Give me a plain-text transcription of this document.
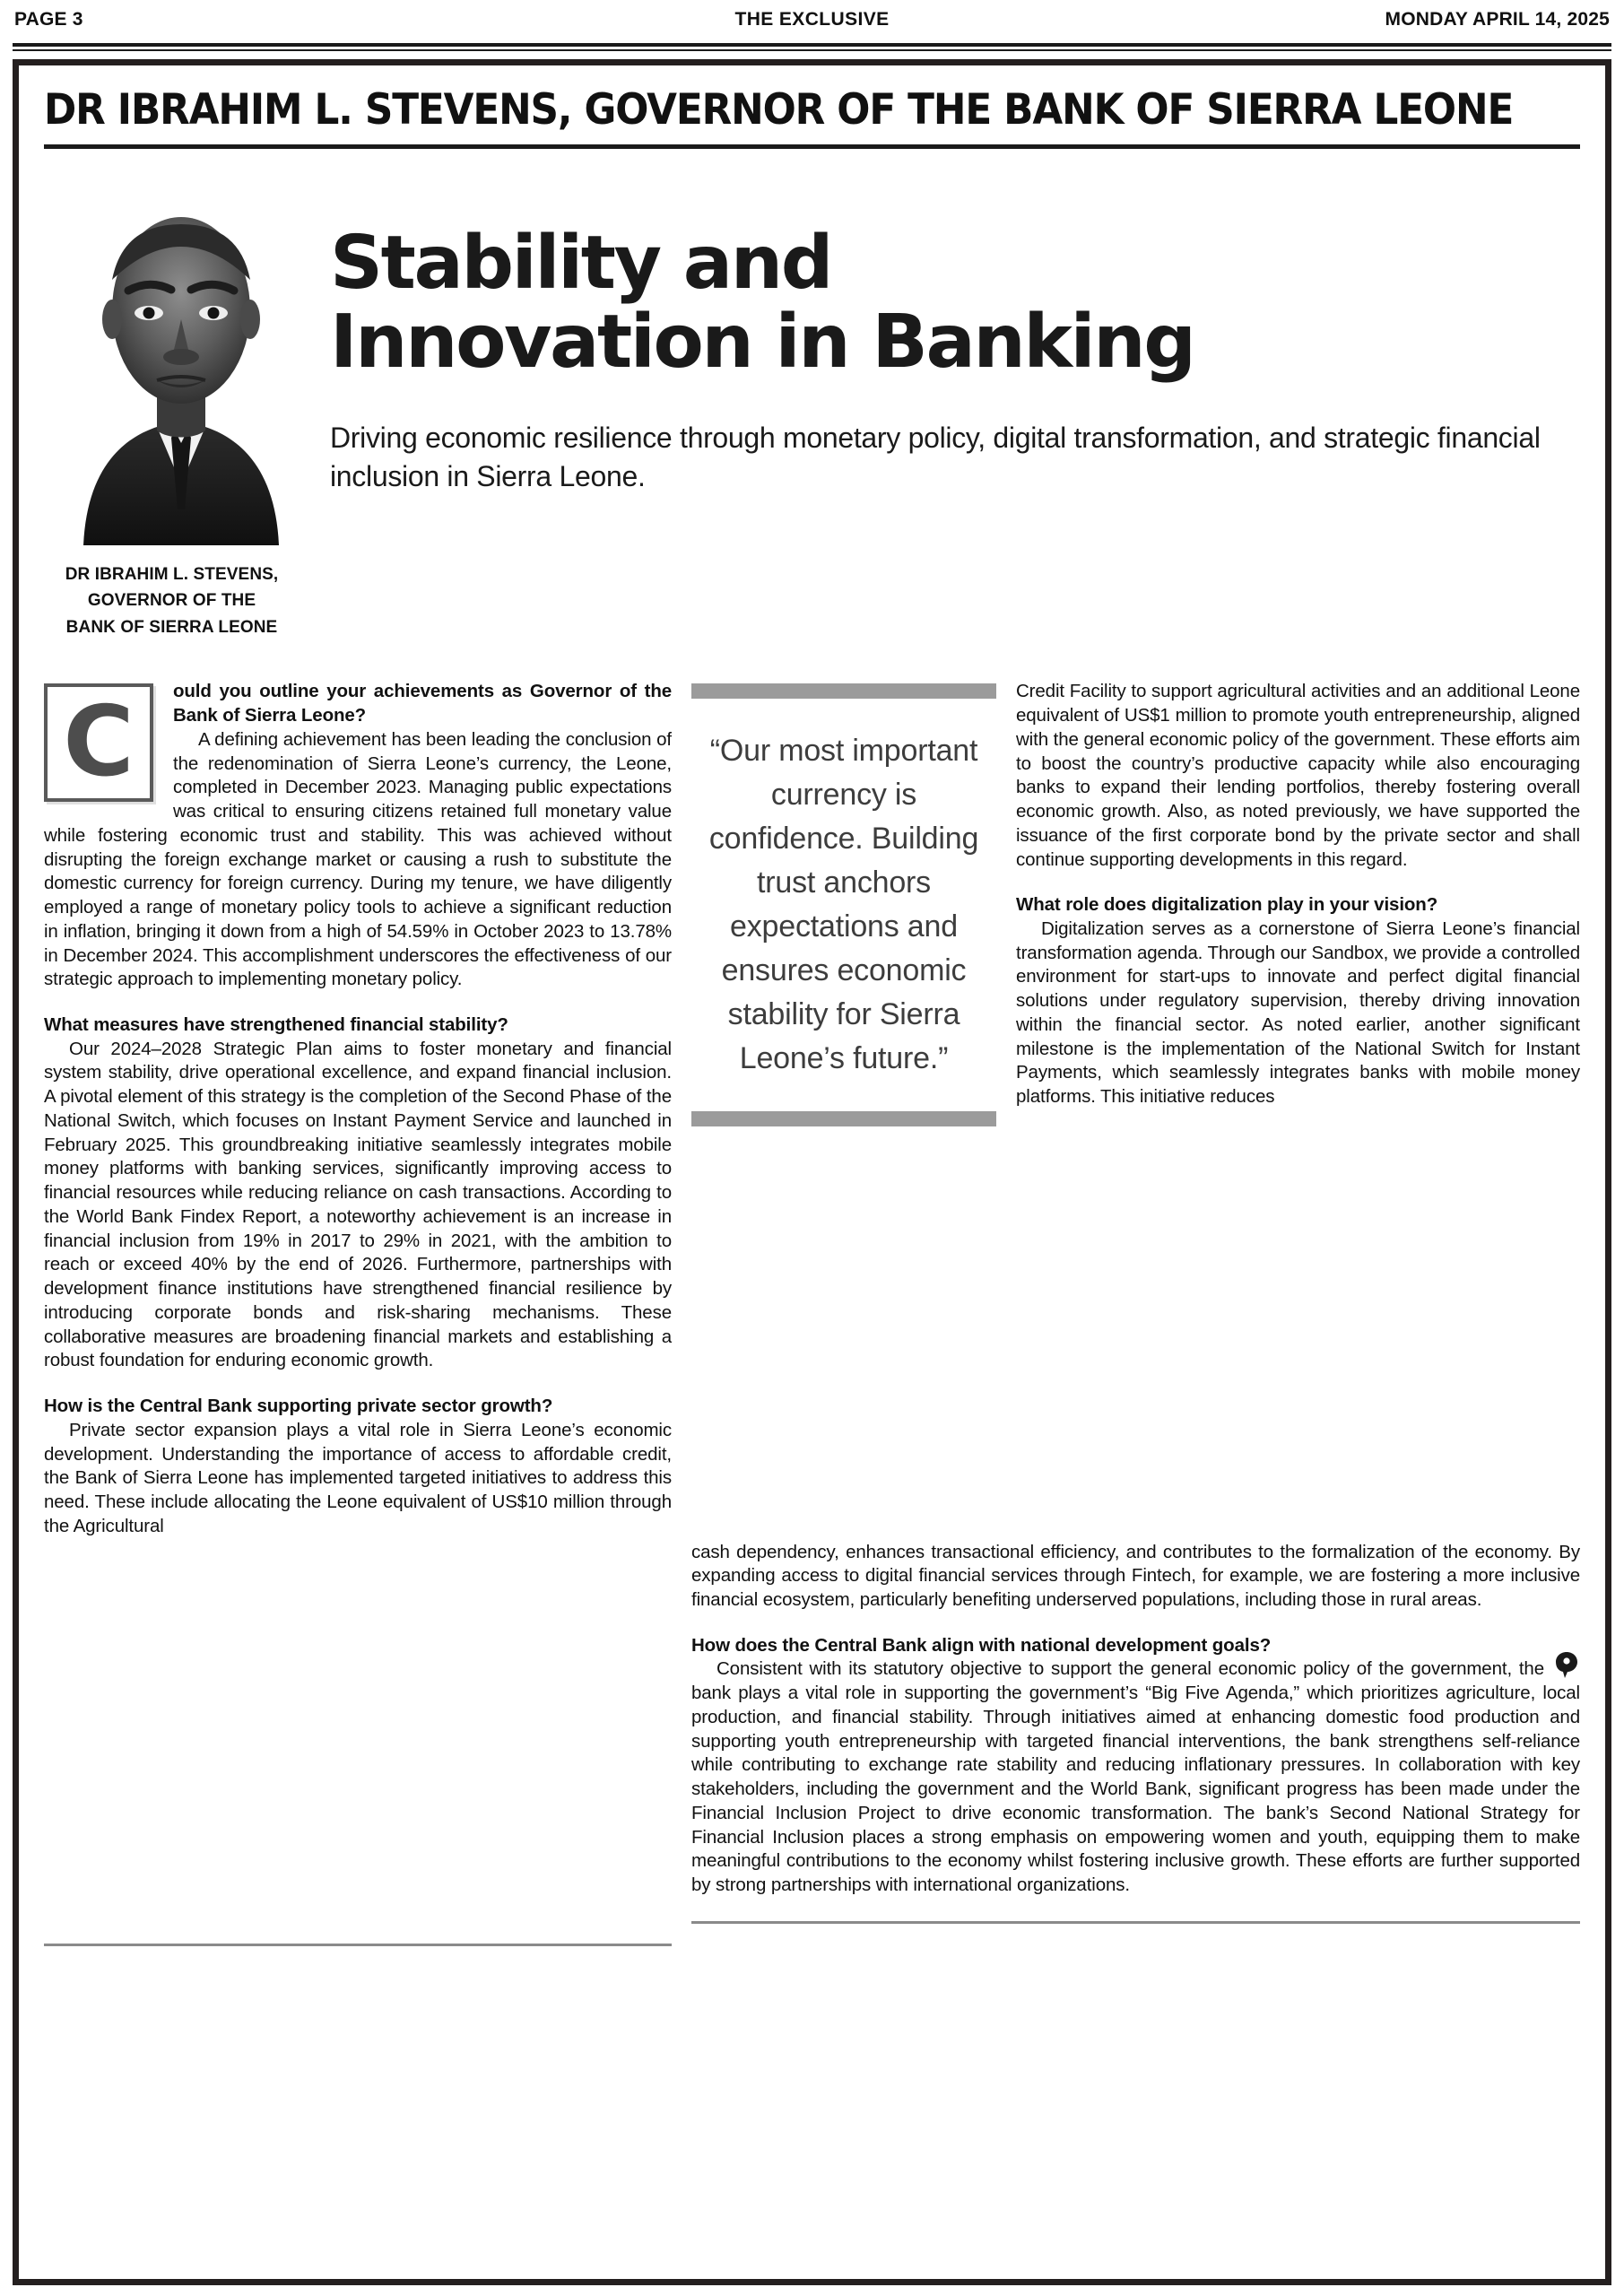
PAGE 3	THE EXCLUSIVE	MONDAY APRIL 14, 2025
DR IBRAHIM L. STEVENS, GOVERNOR OF THE BANK OF SIERRA LEONE
DR IBRAHIM L. STEVENS,
GOVERNOR OF THE
BANK OF SIERRA LEONE
Stability and
Innovation in Banking
Driving economic resilience through monetary policy, digital transformation, and strategic financial inclusion in Sierra Leone.
C	ould you outline your achievements as Governor of the Bank of Sierra Leone?

A defining achievement has been leading the conclusion of the redenomination of Sierra Leone’s currency, the Leone, completed in December 2023. Managing public expectations was critical to ensuring citizens retained full monetary value while fostering economic trust and stability. This was achieved without disrupting the foreign exchange market or causing a rush to substitute the domestic currency for foreign currency. During my tenure, we have diligently employed a range of monetary policy tools to achieve a significant reduction in inflation, bringing it down from a high of 54.59% in October 2023 to 13.78% in December 2024. This accomplishment underscores the effectiveness of our strategic approach to implementing monetary policy.

What measures have strengthened financial stability?

Our 2024–2028 Strategic Plan aims to foster monetary and financial system stability, drive operational excellence, and expand financial inclusion. A pivotal element of this strategy is the completion of the Second Phase of the National Switch, which focuses on Instant Payment Service and launched in February 2025. This groundbreaking initiative seamlessly integrates mobile money platforms with banking services, significantly improving access to financial resources while reducing reliance on cash transactions. According to the World Bank Findex Report, a noteworthy achievement is an increase in financial inclusion from 19% in 2017 to 29% in 2021, with the ambition to reach or exceed 40% by the end of 2026. Furthermore, partnerships with development finance institutions have strengthened financial resilience by introducing corporate bonds and risk-sharing mechanisms. These collaborative measures are broadening financial markets and establishing a robust foundation for enduring economic growth.

How is the Central Bank supporting private sector growth?

Private sector expansion plays a vital role in Sierra Leone’s economic development. Understanding the importance of access to affordable credit, the Bank of Sierra Leone has implemented targeted initiatives to address this need. These include allocating the Leone equivalent of US$10 million through the Agricultural

“Our most important currency is confidence. Building trust anchors expectations and ensures economic stability for Sierra Leone’s future.”

Credit Facility to support agricultural activities and an additional Leone equivalent of US$1 million to promote youth entrepreneurship, aligned with the general economic policy of the government. These efforts aim to boost the country’s productive capacity while also encouraging banks to expand their lending portfolios, thereby fostering overall economic growth. Also, as noted previously, we have supported the issuance of the first corporate bond by the private sector and shall continue supporting developments in this regard.

What role does digitalization play in your vision?

Digitalization serves as a cornerstone of Sierra Leone’s financial transformation agenda. Through our Sandbox, we provide a controlled environment for start-ups to innovate and perfect digital financial solutions under regulatory supervision, thereby driving innovation within the financial sector. As noted earlier, another significant milestone is the implementation of the National Switch for Instant Payments, which seamlessly integrates banks with mobile money platforms. This initiative reduces

cash dependency, enhances transactional efficiency, and contributes to the formalization of the economy. By expanding access to digital financial services through Fintech, for example, we are fostering a more inclusive financial ecosystem, particularly benefiting underserved populations, including those in rural areas.

How does the Central Bank align with national development goals?

Consistent with its statutory objective to support the general economic policy of the government, the bank plays a vital role in supporting the government’s “Big Five Agenda,” which prioritizes agriculture, local production, and financial stability. Through initiatives aimed at enhancing domestic food production and supporting youth entrepreneurship with targeted financial interventions, the bank strengthens self-reliance while contributing to exchange rate stability and reducing inflationary pressures. In collaboration with key stakeholders, including the government and the World Bank, significant progress has been made under the Financial Inclusion Project to drive economic transformation. The bank’s Second National Strategy for Financial Inclusion places a strong emphasis on empowering women and youth, equipping them to make meaningful contributions to the economy whilst fostering inclusive growth. These efforts are further supported by strong partnerships with international organizations.
